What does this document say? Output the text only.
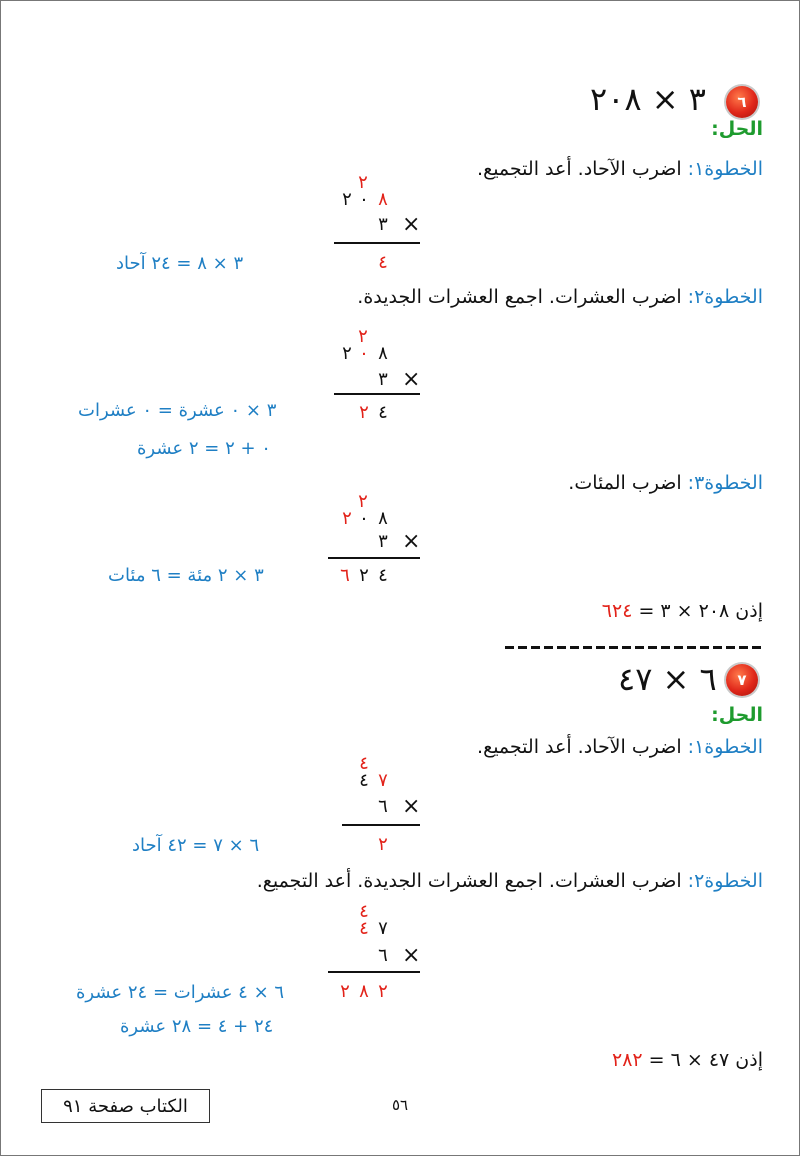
٦
٣ × ٢٠٨
الحل:
الخطوة١: اضرب الآحاد. أعد التجميع.
٢
٢ ٠ ٨
٣ ×
٤
٣ × ٨ = ٢٤ آحاد
الخطوة٢: اضرب العشرات. اجمع العشرات الجديدة.
٢
٢ ٠ ٨
٣ ×
٢ ٤
٣ × ٠ عشرة = ٠ عشرات
٠ + ٢ = ٢ عشرة
الخطوة٣: اضرب المئات.
٢
٢ ٠ ٨
٣ ×
٦ ٢ ٤
٣ × ٢ مئة = ٦ مئات
إذن ٢٠٨ × ٣ = ٦٢٤
٧
٦ × ٤٧
الحل:
الخطوة١: اضرب الآحاد. أعد التجميع.
٤
٤ ٧
٦ ×
٢
٦ × ٧ = ٤٢ آحاد
الخطوة٢: اضرب العشرات. اجمع العشرات الجديدة. أعد التجميع.
٤
٤ ٧
٦ ×
٢ ٨ ٢
٦ × ٤ عشرات = ٢٤ عشرة
٢٤ + ٤ = ٢٨ عشرة
إذن ٤٧ × ٦ = ٢٨٢
٥٦
الكتاب صفحة ٩١
